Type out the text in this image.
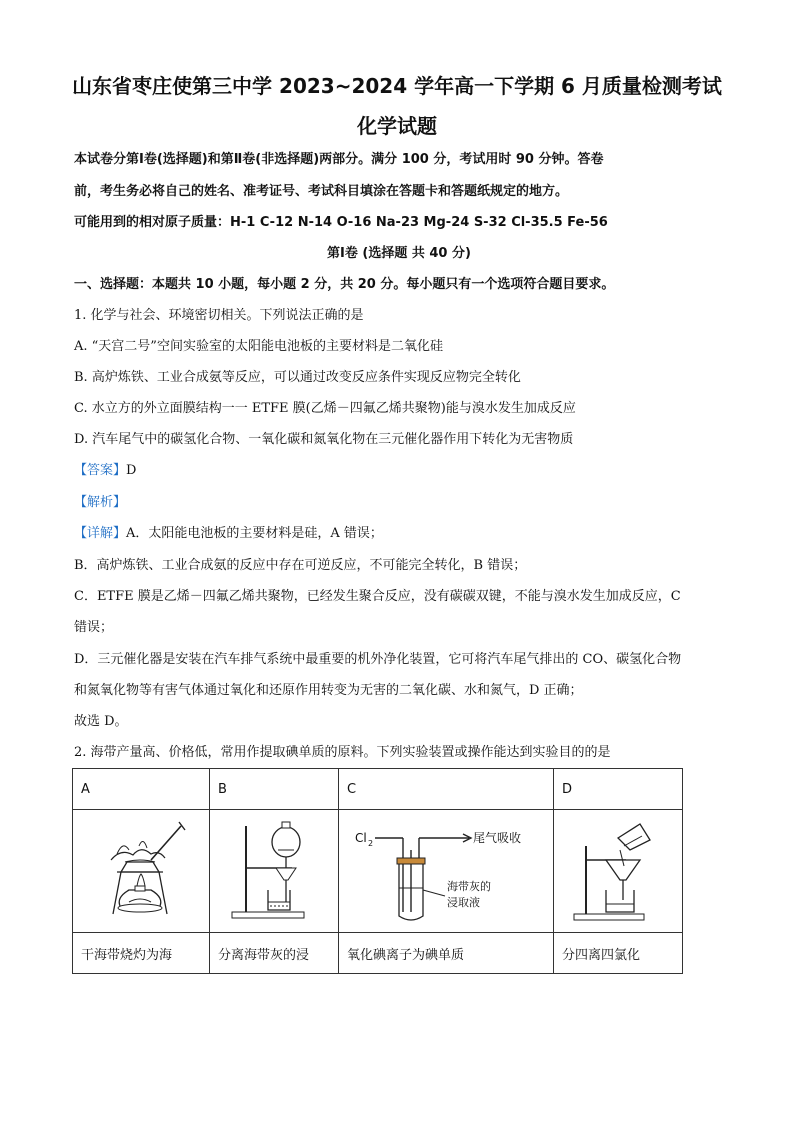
山东省枣庄使第三中学 2023~2024 学年高一下学期 6 月质量检测考试
化学试题
本试卷分第Ⅰ卷(选择题)和第Ⅱ卷(非选择题)两部分。满分 100 分，考试用时 90 分钟。答卷
前，考生务必将自己的姓名、准考证号、考试科目填涂在答题卡和答题纸规定的地方。
可能用到的相对原子质量：H-1 C-12 N-14 O-16 Na-23 Mg-24 S-32 Cl-35.5 Fe-56
第Ⅰ卷 (选择题 共 40 分)
一、选择题：本题共 10 小题，每小题 2 分，共 20 分。每小题只有一个选项符合题目要求。
1. 化学与社会、环境密切相关。下列说法正确的是
A. “天宫二号”空间实验室的太阳能电池板的主要材料是二氧化硅
B. 高炉炼铁、工业合成氨等反应，可以通过改变反应条件实现反应物完全转化
C. 水立方的外立面膜结构一一 ETFE 膜(乙烯－四氟乙烯共聚物)能与溴水发生加成反应
D. 汽车尾气中的碳氢化合物、一氧化碳和氮氧化物在三元催化器作用下转化为无害物质
【答案】D
【解析】
【详解】A．太阳能电池板的主要材料是硅，A 错误；
B．高炉炼铁、工业合成氨的反应中存在可逆反应，不可能完全转化，B 错误；
C．ETFE 膜是乙烯－四氟乙烯共聚物，已经发生聚合反应，没有碳碳双键，不能与溴水发生加成反应，C
错误；
D．三元催化器是安装在汽车排气系统中最重要的机外净化装置，它可将汽车尾气排出的 CO、碳氢化合物
和氮氧化物等有害气体通过氧化和还原作用转变为无害的二氧化碳、水和氮气，D 正确；
故选 D。
2. 海带产量高、价格低，常用作提取碘单质的原料。下列实验装置或操作能达到实验目的的是
A	B	C	D

Cl 2 尾气吸收
海带灰的
浸取液

干海带烧灼为海	分离海带灰的浸	氧化碘离子为碘单质	分四离四氯化
